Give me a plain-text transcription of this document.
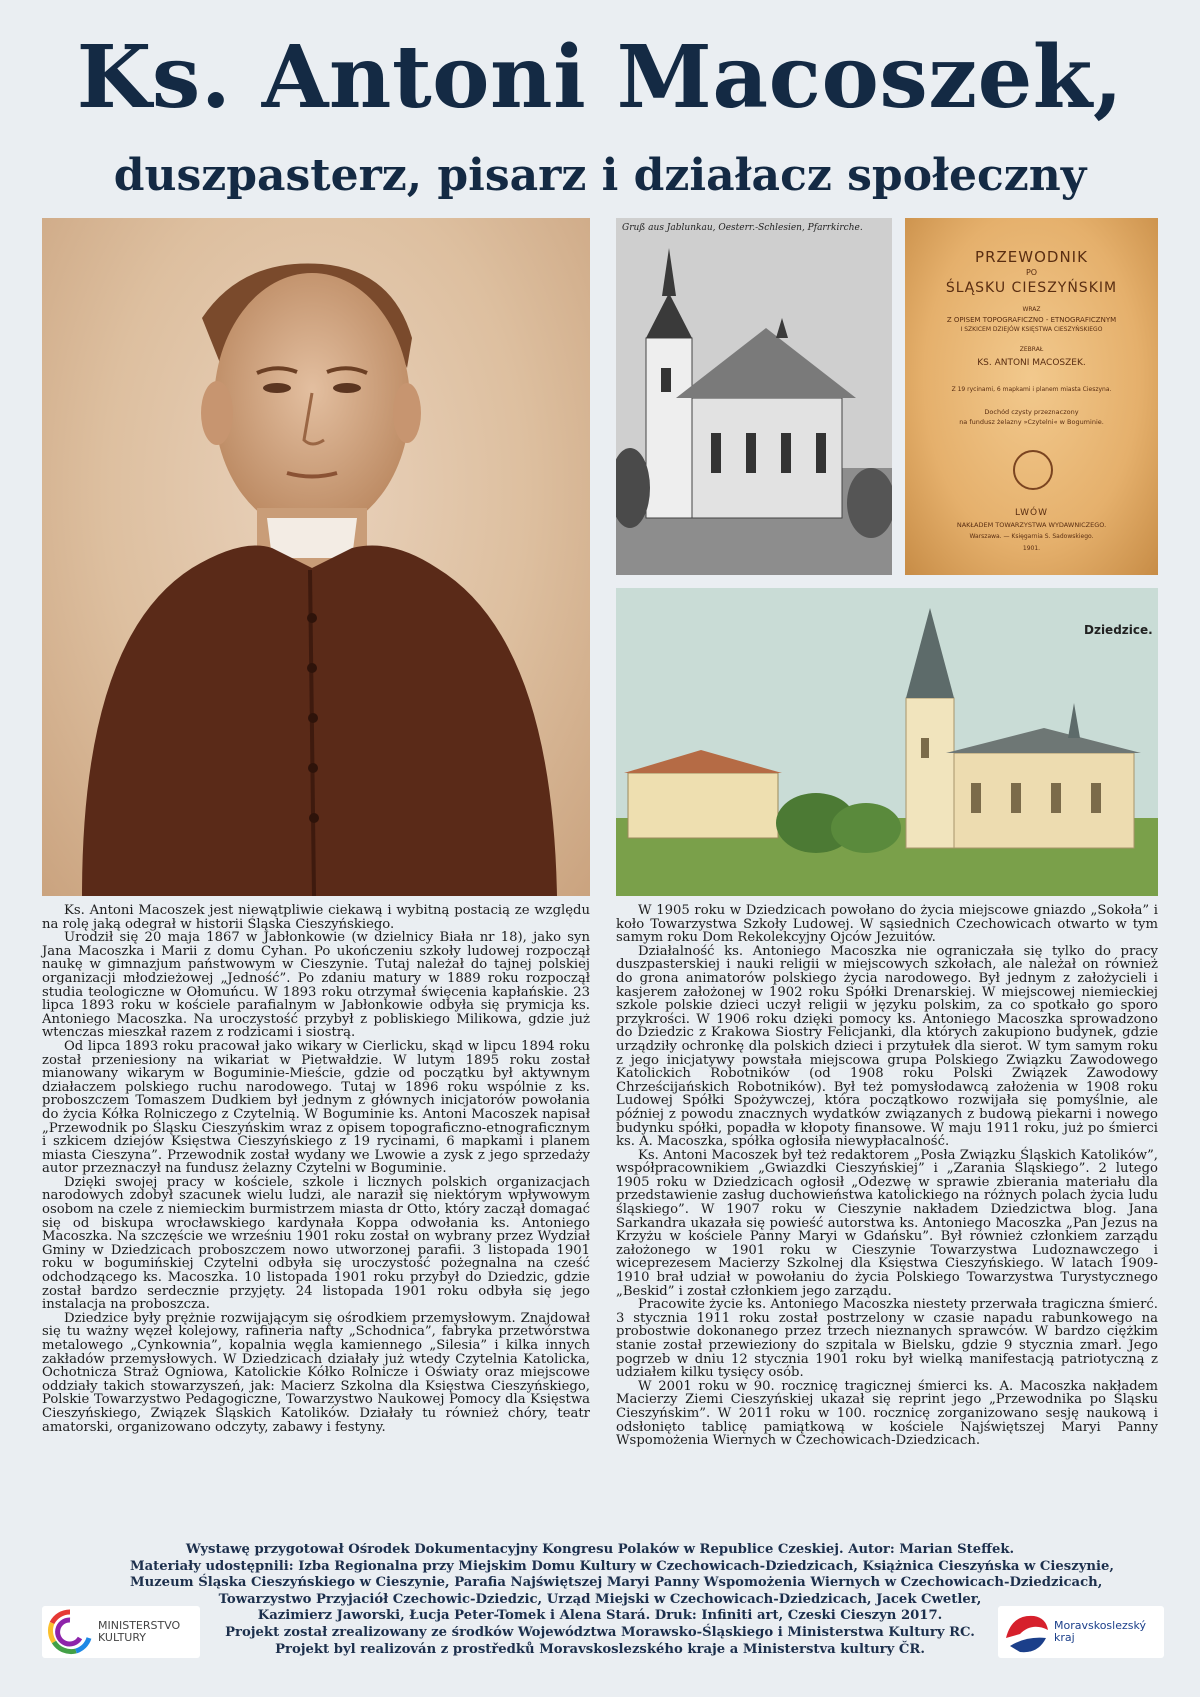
Ks. Antoni Macoszek,
duszpasterz, pisarz i działacz społeczny
Gruß aus Jablunkau, Oesterr.-Schlesien, Pfarrkirche.
PRZEWODNIK
PO
ŚLĄSKU CIESZYŃSKIM
WRAZ
Z OPISEM TOPOGRAFICZNO - ETNOGRAFICZNYM
I SZKICEM DZIEJÓW KSIĘSTWA CIESZYŃSKIEGO
ZEBRAŁ
KS. ANTONI MACOSZEK.
Z 19 rycinami, 6 mapkami i planem miasta Cieszyna.
Dochód czysty przeznaczony
na fundusz żelazny »Czytelni« w Boguminie.
LWÓW
NAKŁADEM TOWARZYSTWA WYDAWNICZEGO.
Warszawa. — Księgarnia S. Sadowskiego.
1901.
Dziedzice.

Ks. Antoni Macoszek jest niewątpliwie ciekawą i wybitną postacią ze względu na rolę jaką odegrał w historii Śląska Cieszyńskiego.

Urodził się 20 maja 1867 w Jabłonkowie (w dzielnicy Biała nr 18), jako syn Jana Macoszka i Marii z domu Cyhan. Po ukończeniu szkoły ludowej rozpoczął naukę w gimnazjum państwowym w Cieszynie. Tutaj należał do tajnej polskiej organizacji młodzieżowej „Jedność”. Po zdaniu matury w 1889 roku rozpoczął studia teologiczne w Ołomuńcu. W 1893 roku otrzymał święcenia kapłańskie. 23 lipca 1893 roku w kościele parafialnym w Jabłonkowie odbyła się prymicja ks. Antoniego Macoszka. Na uroczystość przybył z pobliskiego Milikowa, gdzie już wtenczas mieszkał razem z rodzicami i siostrą.

Od lipca 1893 roku pracował jako wikary w Cierlicku, skąd w lipcu 1894 roku został przeniesiony na wikariat w Pietwałdzie. W lutym 1895 roku został mianowany wikarym w Boguminie-Mieście, gdzie od początku był aktywnym działaczem polskiego ruchu narodowego. Tutaj w 1896 roku wspólnie z ks. proboszczem Tomaszem Dudkiem był jednym z głównych inicjatorów powołania do życia Kółka Rolniczego z Czytelnią. W Boguminie ks. Antoni Macoszek napisał „Przewodnik po Śląsku Cieszyńskim wraz z opisem topograficzno-etnograficznym i szkicem dziejów Księstwa Cieszyńskiego z 19 rycinami, 6 mapkami i planem miasta Cieszyna”. Przewodnik został wydany we Lwowie a zysk z jego sprzedaży autor przeznaczył na fundusz żelazny Czytelni w Boguminie.

Dzięki swojej pracy w kościele, szkole i licznych polskich organizacjach narodowych zdobył szacunek wielu ludzi, ale naraził się niektórym wpływowym osobom na czele z niemieckim burmistrzem miasta dr Otto, który zaczął domagać się od biskupa wrocławskiego kardynała Koppa odwołania ks. Antoniego Macoszka. Na szczęście we wrześniu 1901 roku został on wybrany przez Wydział Gminy w Dziedzicach proboszczem nowo utworzonej parafii. 3 listopada 1901 roku w bogumińskiej Czytelni odbyła się uroczystość pożegnalna na cześć odchodzącego ks. Macoszka. 10 listopada 1901 roku przybył do Dziedzic, gdzie został bardzo serdecznie przyjęty. 24 listopada 1901 roku odbyła się jego instalacja na proboszcza.

Dziedzice były prężnie rozwijającym się ośrodkiem przemysłowym. Znajdował się tu ważny węzeł kolejowy, rafineria nafty „Schodnica”, fabryka przetwórstwa metalowego „Cynkownia”, kopalnia węgla kamiennego „Silesia” i kilka innych zakładów przemysłowych. W Dziedzicach działały już wtedy Czytelnia Katolicka, Ochotnicza Straż Ogniowa, Katolickie Kółko Rolnicze i Oświaty oraz miejscowe oddziały takich stowarzyszeń, jak: Macierz Szkolna dla Księstwa Cieszyńskiego, Polskie Towarzystwo Pedagogiczne, Towarzystwo Naukowej Pomocy dla Księstwa Cieszyńskiego, Związek Śląskich Katolików. Działały tu również chóry, teatr amatorski, organizowano odczyty, zabawy i festyny.

W 1905 roku w Dziedzicach powołano do życia miejscowe gniazdo „Sokoła” i koło Towarzystwa Szkoły Ludowej. W sąsiednich Czechowicach otwarto w tym samym roku Dom Rekolekcyjny Ojców Jezuitów.

Działalność ks. Antoniego Macoszka nie ograniczała się tylko do pracy duszpasterskiej i nauki religii w miejscowych szkołach, ale należał on również do grona animatorów polskiego życia narodowego. Był jednym z założycieli i kasjerem założonej w 1902 roku Spółki Drenarskiej. W miejscowej niemieckiej szkole polskie dzieci uczył religii w języku polskim, za co spotkało go sporo przykrości. W 1906 roku dzięki pomocy ks. Antoniego Macoszka sprowadzono do Dziedzic z Krakowa Siostry Felicjanki, dla których zakupiono budynek, gdzie urządziły ochronkę dla polskich dzieci i przytułek dla sierot. W tym samym roku z jego inicjatywy powstała miejscowa grupa Polskiego Związku Zawodowego Katolickich Robotników (od 1908 roku Polski Związek Zawodowy Chrześcijańskich Robotników). Był też pomysłodawcą założenia w 1908 roku Ludowej Spółki Spożywczej, która początkowo rozwijała się pomyślnie, ale później z powodu znacznych wydatków związanych z budową piekarni i nowego budynku spółki, popadła w kłopoty finansowe. W maju 1911 roku, już po śmierci ks. A. Macoszka, spółka ogłosiła niewypłacalność.

Ks. Antoni Macoszek był też redaktorem „Posła Związku Śląskich Katolików”, współpracownikiem „Gwiazdki Cieszyńskiej” i „Zarania Śląskiego”. 2 lutego 1905 roku w Dziedzicach ogłosił „Odezwę w sprawie zbierania materiału dla przedstawienie zasług duchowieństwa katolickiego na różnych polach życia ludu śląskiego”. W 1907 roku w Cieszynie nakładem Dziedzictwa blog. Jana Sarkandra ukazała się powieść autorstwa ks. Antoniego Macoszka „Pan Jezus na Krzyżu w kościele Panny Maryi w Gdańsku”. Był również członkiem zarządu założonego w 1901 roku w Cieszynie Towarzystwa Ludoznawczego i wiceprezesem Macierzy Szkolnej dla Księstwa Cieszyńskiego. W latach 1909-1910 brał udział w powołaniu do życia Polskiego Towarzystwa Turystycznego „Beskid” i został członkiem jego zarządu.

Pracowite życie ks. Antoniego Macoszka niestety przerwała tragiczna śmierć. 3 stycznia 1911 roku został postrzelony w czasie napadu rabunkowego na probostwie dokonanego przez trzech nieznanych sprawców. W bardzo ciężkim stanie został przewieziony do szpitala w Bielsku, gdzie 9 stycznia zmarł. Jego pogrzeb w dniu 12 stycznia 1901 roku był wielką manifestacją patriotyczną z udziałem kilku tysięcy osób.

W 2001 roku w 90. rocznicę tragicznej śmierci ks. A. Macoszka nakładem Macierzy Ziemi Cieszyńskiej ukazał się reprint jego „Przewodnika po Śląsku Cieszyńskim”. W 2011 roku w 100. rocznicę zorganizowano sesję naukową i odsłonięto tablicę pamiątkową w kościele Najświętszej Maryi Panny Wspomożenia Wiernych w Czechowicach-Dziedzicach.

Wystawę przygotował Ośrodek Dokumentacyjny Kongresu Polaków w Republice Czeskiej. Autor: Marian Steffek.
Materiały udostępnili: Izba Regionalna przy Miejskim Domu Kultury w Czechowicach-Dziedzicach, Książnica Cieszyńska w Cieszynie,
Muzeum Śląska Cieszyńskiego w Cieszynie, Parafia Najświętszej Maryi Panny Wspomożenia Wiernych w Czechowicach-Dziedzicach,
Towarzystwo Przyjaciół Czechowic-Dziedzic, Urząd Miejski w Czechowicach-Dziedzicach, Jacek Cwetler,
Kazimierz Jaworski, Łucja Peter-Tomek i Alena Stará. Druk: Infiniti art, Czeski Cieszyn 2017.
Projekt został zrealizowany ze środków Województwa Morawsko-Śląskiego i Ministerstwa Kultury RC.
Projekt byl realizován z prostředků Moravskoslezského kraje a Ministerstva kultury ČR.
MINISTERSTVO
KULTURY
Moravskoslezský
kraj
